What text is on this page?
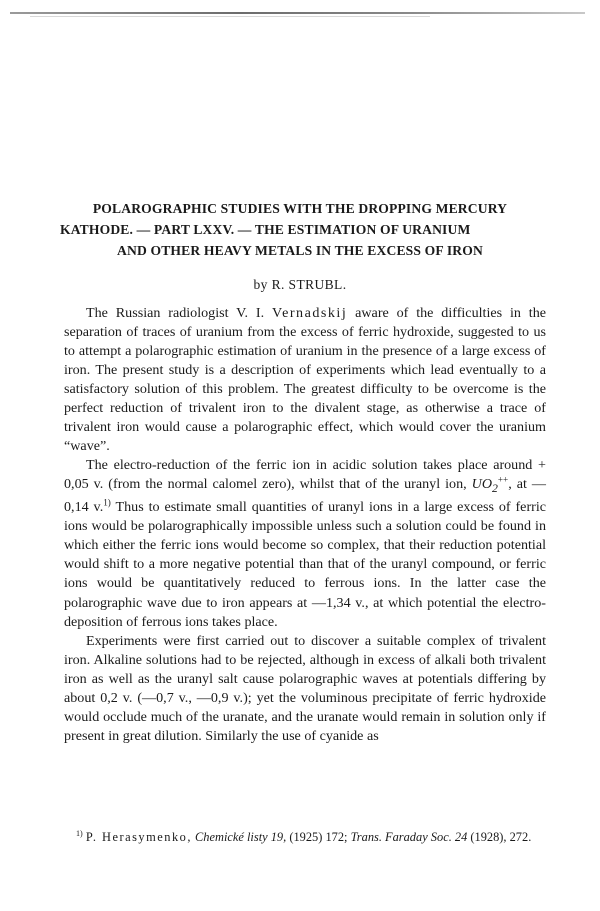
POLAROGRAPHIC STUDIES WITH THE DROPPING MERCURY
KATHODE. — PART LXXV. — THE ESTIMATION OF URANIUM
AND OTHER HEAVY METALS IN THE EXCESS OF IRON
by R. STRUBL.

The Russian radiologist V. I. Vernadskij aware of the difficulties in the separation of traces of uranium from the excess of ferric hydroxide, suggested to us to attempt a polarographic estimation of uranium in the presence of a large excess of iron. The present study is a description of experiments which lead eventually to a satisfactory solution of this problem. The greatest difficulty to be overcome is the perfect reduction of trivalent iron to the divalent stage, as otherwise a trace of trivalent iron would cause a polarographic effect, which would cover the uranium “wave”.

The electro-reduction of the ferric ion in acidic solution takes place around + 0,05 v. (from the normal calomel zero), whilst that of the uranyl ion, $UO_2^{++}$, at —0,14 v.$^{1)}$ Thus to estimate small quantities of uranyl ions in a large excess of ferric ions would be polarographically impossible unless such a solution could be found in which either the ferric ions would become so complex, that their reduction potential would shift to a more negative potential than that of the uranyl compound, or ferric ions would be quantitatively reduced to ferrous ions. In the latter case the polarographic wave due to iron appears at —1,34 v., at which potential the electro-deposition of ferrous ions takes place.

Experiments were first carried out to discover a suitable complex of trivalent iron. Alkaline solutions had to be rejected, although in excess of alkali both trivalent iron as well as the uranyl salt cause polarographic waves at potentials differing by about 0,2 v. (—0,7 v., —0,9 v.); yet the voluminous precipitate of ferric hydroxide would occlude much of the uranate, and the uranate would remain in solution only if present in great dilution. Similarly the use of cyanide as

$^{1)}$ P. Herasymenko, Chemické listy 19, (1925) 172; Trans. Faraday Soc. 24 (1928), 272.
